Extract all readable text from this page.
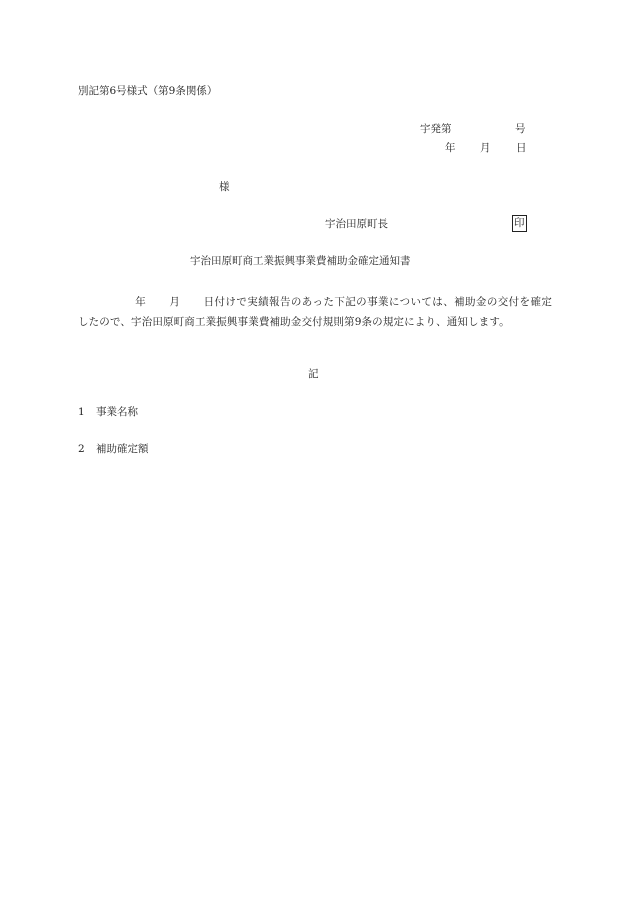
別記第6号様式（第9条関係）
宇発第	号
年 月 日
様
宇治田原町長	印
宇治田原町商工業振興事業費補助金確定通知書
年 月 日付けで実績報告のあった下記の事業については、補助金の交付を確定したので、宇治田原町商工業振興事業費補助金交付規則第9条の規定により、通知します。
記
1 事業名称
2 補助確定額
